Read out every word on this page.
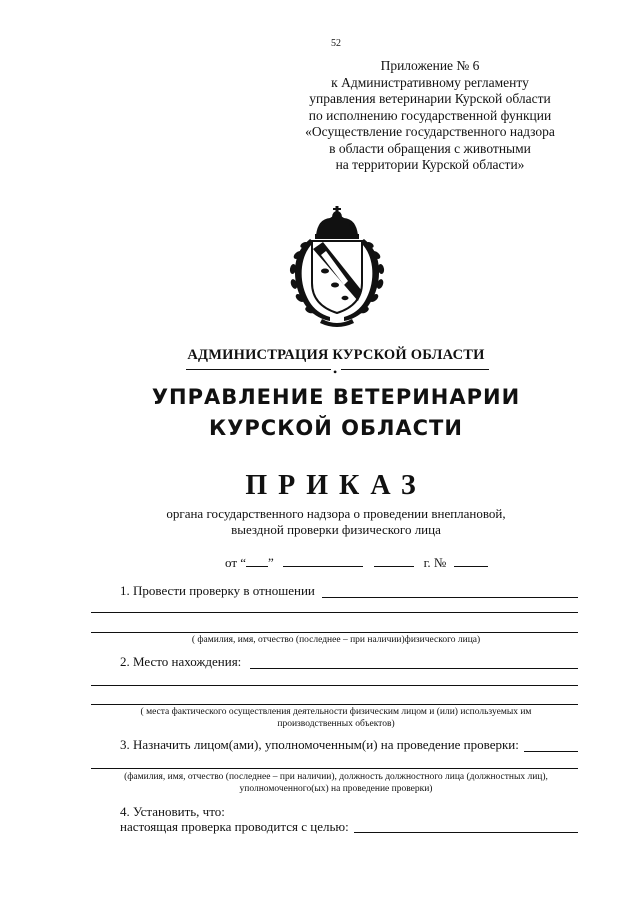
52
Приложение № 6
к Административному регламенту
управления ветеринарии Курской области
по исполнению государственной функции
«Осуществление государственного надзора
в области обращения с животными
на территории Курской области»
АДМИНИСТРАЦИЯ КУРСКОЙ ОБЛАСТИ
•
УПРАВЛЕНИЕ ВЕТЕРИНАРИИ
КУРСКОЙ ОБЛАСТИ
ПРИКАЗ
органа государственного надзора о проведении внеплановой,
выездной проверки физического лица
от “ ”	г. №
1. Провести проверку в отношении
( фамилия, имя, отчество (последнее – при наличии)физического лица)
2. Место нахождения:
( места фактического осуществления деятельности физическим лицом и (или) используемых им
производственных объектов)
3. Назначить лицом(ами), уполномоченным(и) на проведение проверки:
(фамилия, имя, отчество (последнее – при наличии), должность должностного лица (должностных лиц),
уполномоченного(ых) на проведение проверки)
4. Установить, что:
настоящая проверка проводится с целью:
